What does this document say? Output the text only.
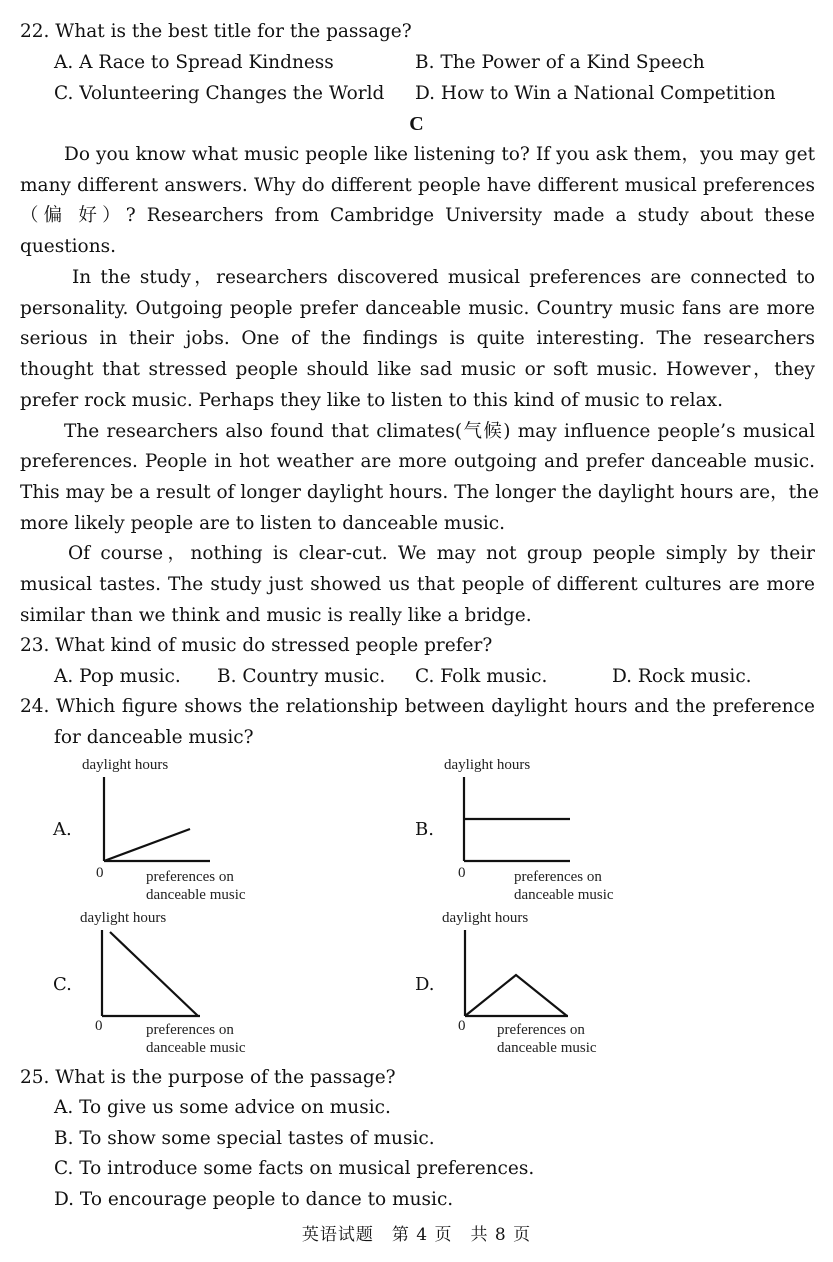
22. What is the best title for the passage?
A. A Race to Spread Kindness	B. The Power of a Kind Speech
C. Volunteering Changes the World D. How to Win a National Competition
C
Do you know what music people like listening to? If you ask them，you may get
many different answers. Why do different people have different musical preferences
（偏 好）? Researchers from Cambridge University made a study about these
questions.
In the study，researchers discovered musical preferences are connected to
personality. Outgoing people prefer danceable music. Country music fans are more
serious in their jobs. One of the findings is quite interesting. The researchers
thought that stressed people should like sad music or soft music. However，they
prefer rock music. Perhaps they like to listen to this kind of music to relax.
The researchers also found that climates(气候) may influence people’s musical
preferences. People in hot weather are more outgoing and prefer danceable music.
This may be a result of longer daylight hours. The longer the daylight hours are，the
more likely people are to listen to danceable music.
Of course，nothing is clear-cut. We may not group people simply by their
musical tastes. The study just showed us that people of different cultures are more
similar than we think and music is really like a bridge.
23. What kind of music do stressed people prefer?
A. Pop music. B. Country music. C. Folk music.	D. Rock music.
24. Which figure shows the relationship between daylight hours and the preference
for danceable music?
daylight hours
A.
0	preferences on
danceable music
daylight hours
B.
0	preferences on
danceable music
daylight hours
C.
0	preferences on
danceable music
daylight hours
D.
0 preferences on
danceable music
25. What is the purpose of the passage?
A. To give us some advice on music.
B. To show some special tastes of music.
C. To introduce some facts on musical preferences.
D. To encourage people to dance to music.
英语试题　第 4 页　共 8 页
